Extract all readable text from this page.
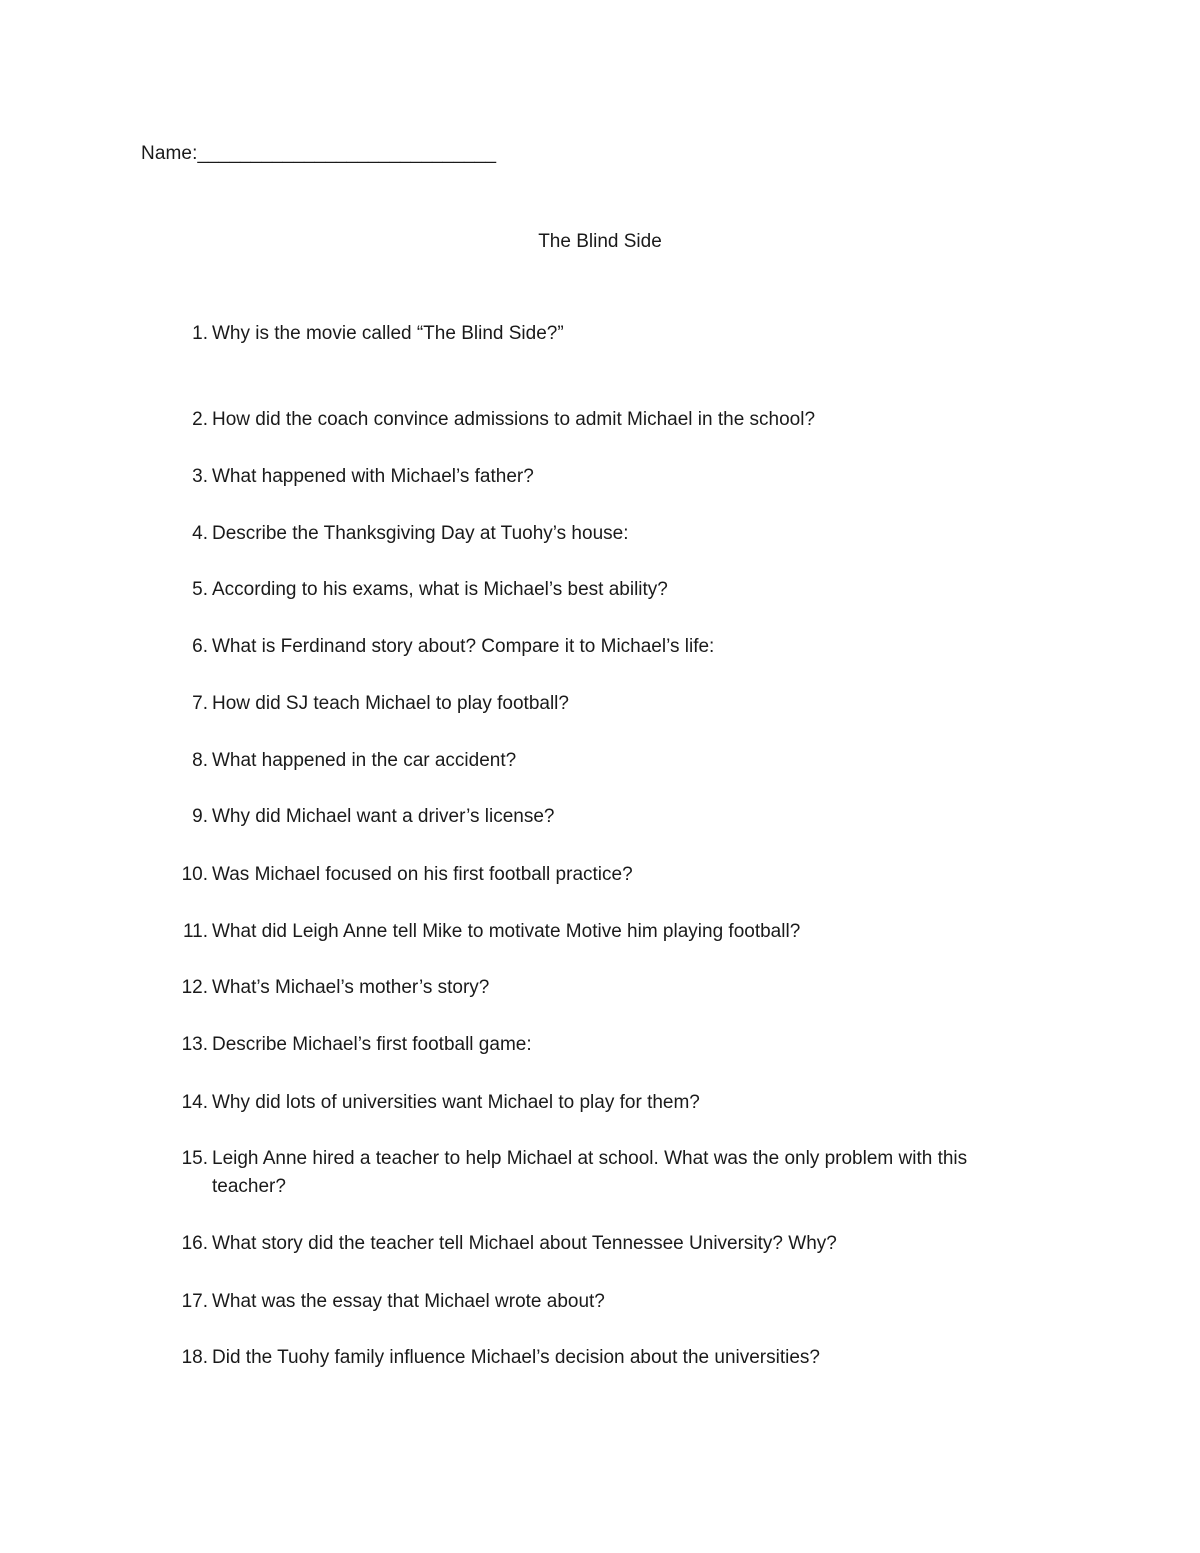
Name:____________________________
The Blind Side
1. Why is the movie called “The Blind Side?”
2. How did the coach convince admissions to admit Michael in the school?
3. What happened with Michael’s father?
4. Describe the Thanksgiving Day at Tuohy’s house:
5. According to his exams, what is Michael’s best ability?
6. What is Ferdinand story about? Compare it to Michael’s life:
7. How did SJ teach Michael to play football?
8. What happened in the car accident?
9. Why did Michael want a driver’s license?
10. Was Michael focused on his first football practice?
11. What did Leigh Anne tell Mike to motivate Motive him playing football?
12. What’s Michael’s mother’s story?
13. Describe Michael’s first football game:
14. Why did lots of universities want Michael to play for them?
15. Leigh Anne hired a teacher to help Michael at school. What was the only problem with this teacher?
16. What story did the teacher tell Michael about Tennessee University? Why?
17. What was the essay that Michael wrote about?
18. Did the Tuohy family influence Michael’s decision about the universities?
